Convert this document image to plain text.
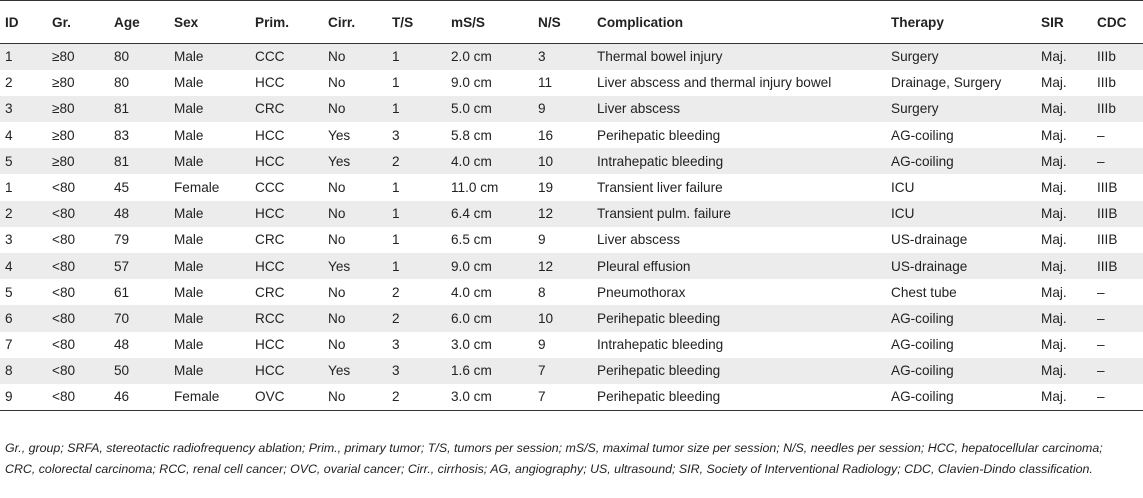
ID	Gr.	Age	Sex	Prim.	Cirr.	T/S	mS/S	N/S	Complication	Therapy	SIR	CDC
1	≥80	80	Male	CCC	No	1	2.0 cm	3	Thermal bowel injury	Surgery	Maj.	IIIb
2	≥80	80	Male	HCC	No	1	9.0 cm	11	Liver abscess and thermal injury bowel	Drainage, Surgery	Maj.	IIIb
3	≥80	81	Male	CRC	No	1	5.0 cm	9	Liver abscess	Surgery	Maj.	IIIb
4	≥80	83	Male	HCC	Yes	3	5.8 cm	16	Perihepatic bleeding	AG-coiling	Maj.	–
5	≥80	81	Male	HCC	Yes	2	4.0 cm	10	Intrahepatic bleeding	AG-coiling	Maj.	–
1	<80	45	Female	CCC	No	1	11.0 cm	19	Transient liver failure	ICU	Maj.	IIIB
2	<80	48	Male	HCC	No	1	6.4 cm	12	Transient pulm. failure	ICU	Maj.	IIIB
3	<80	79	Male	CRC	No	1	6.5 cm	9	Liver abscess	US-drainage	Maj.	IIIB
4	<80	57	Male	HCC	Yes	1	9.0 cm	12	Pleural effusion	US-drainage	Maj.	IIIB
5	<80	61	Male	CRC	No	2	4.0 cm	8	Pneumothorax	Chest tube	Maj.	–
6	<80	70	Male	RCC	No	2	6.0 cm	10	Perihepatic bleeding	AG-coiling	Maj.	–
7	<80	48	Male	HCC	No	3	3.0 cm	9	Intrahepatic bleeding	AG-coiling	Maj.	–
8	<80	50	Male	HCC	Yes	3	1.6 cm	7	Perihepatic bleeding	AG-coiling	Maj.	–
9	<80	46	Female	OVC	No	2	3.0 cm	7	Perihepatic bleeding	AG-coiling	Maj.	–
Gr., group; SRFA, stereotactic radiofrequency ablation; Prim., primary tumor; T/S, tumors per session; mS/S, maximal tumor size per session; N/S, needles per session; HCC, hepatocellular carcinoma; CRC, colorectal carcinoma; RCC, renal cell cancer; OVC, ovarial cancer; Cirr., cirrhosis; AG, angiography; US, ultrasound; SIR, Society of Interventional Radiology; CDC, Clavien-Dindo classification.
